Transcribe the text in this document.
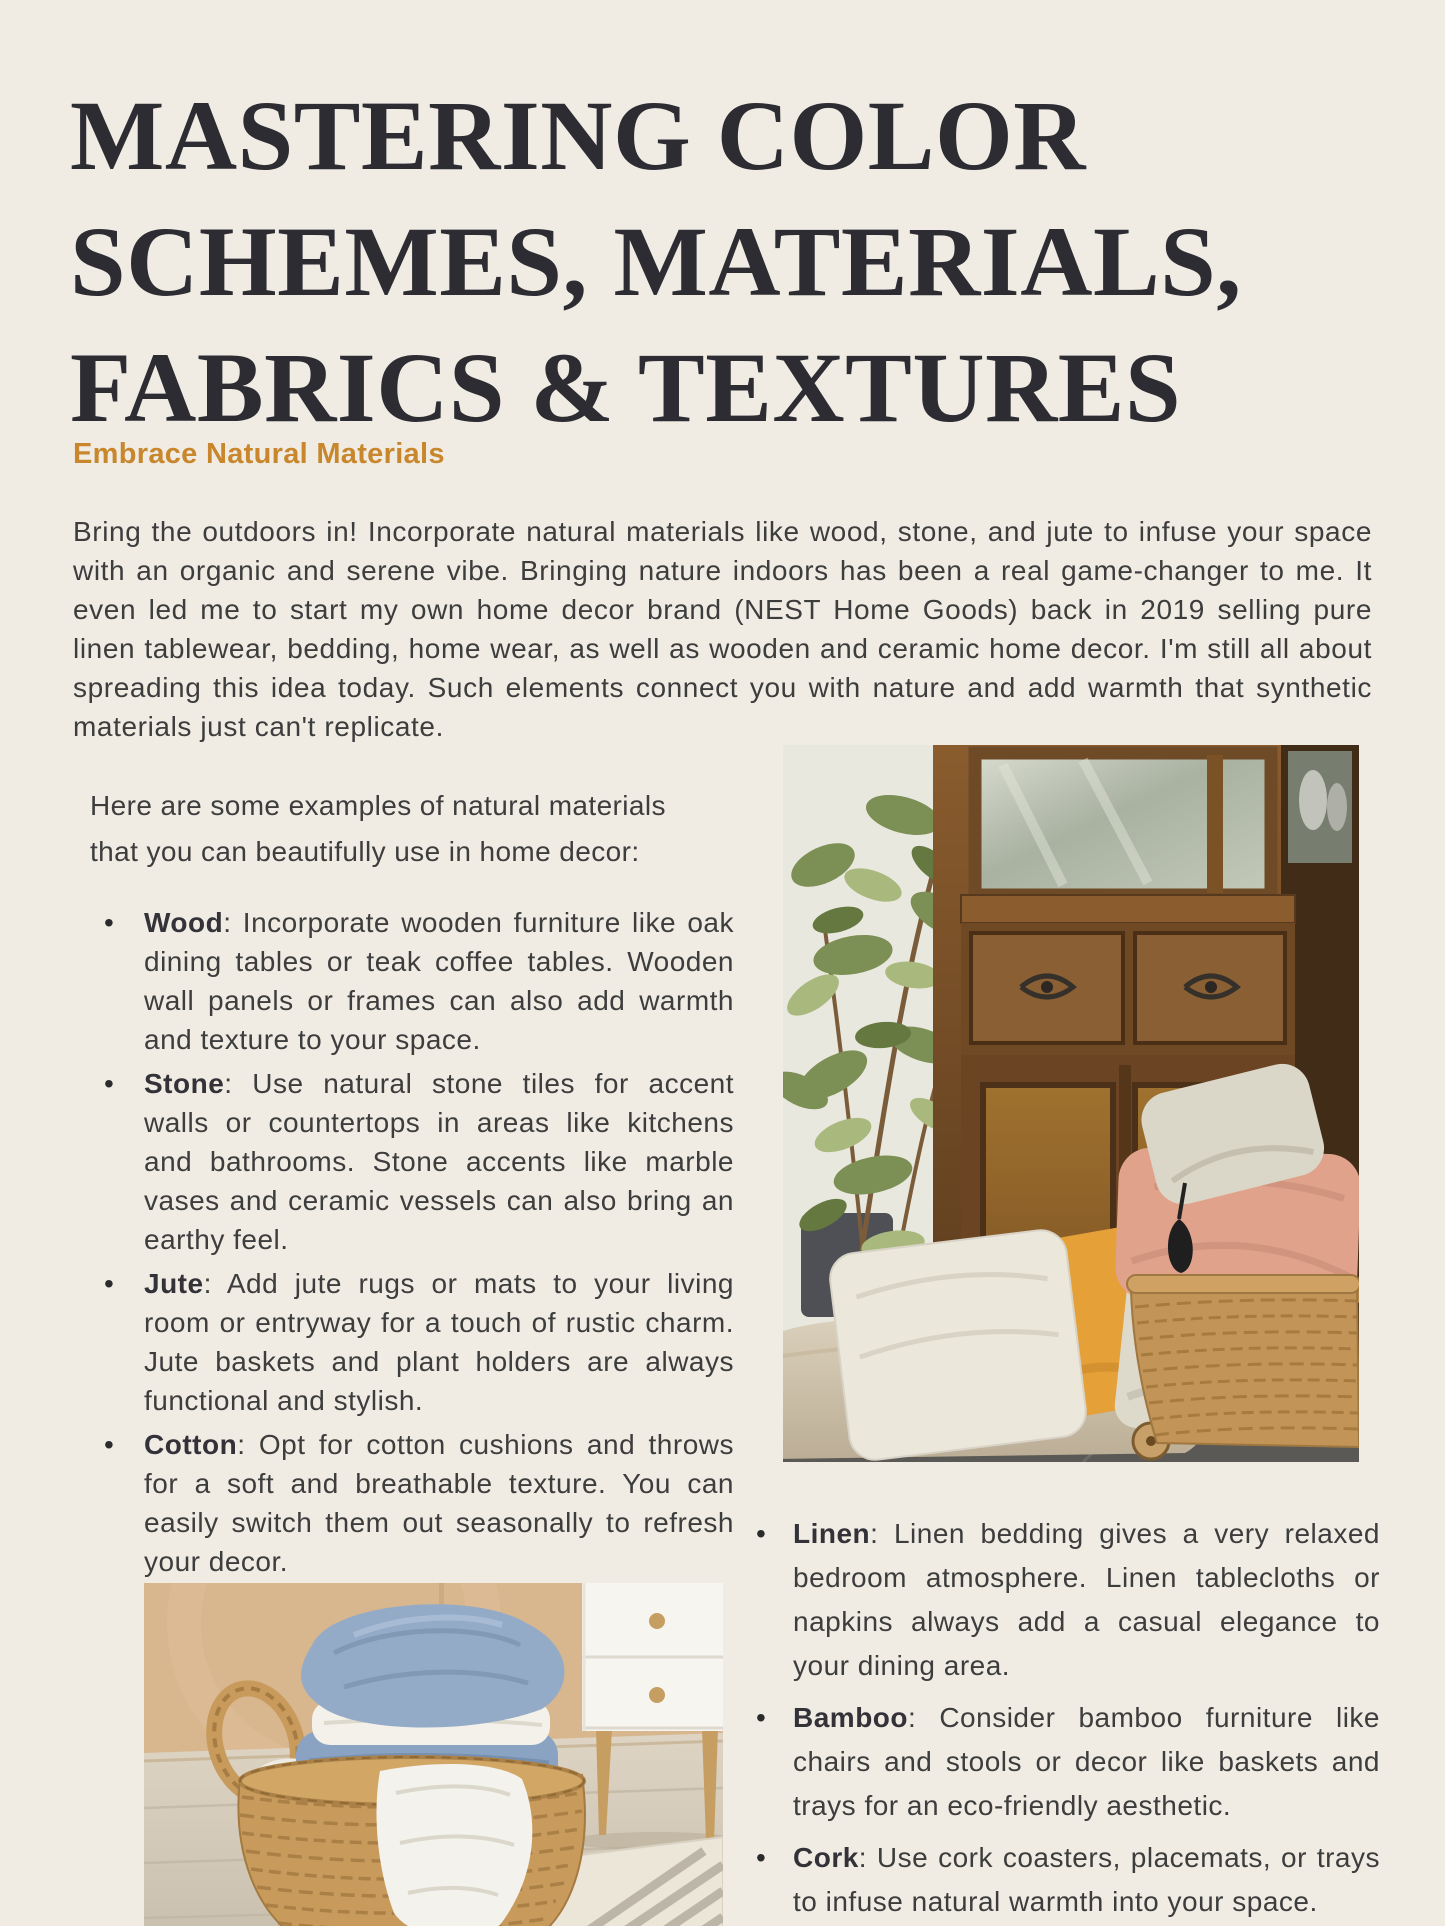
MASTERING COLOR
SCHEMES, MATERIALS,
FABRICS & TEXTURES
Embrace Natural Materials

Bring the outdoors in! Incorporate natural materials like wood, stone, and jute to infuse your space with an organic and serene vibe. Bringing nature indoors has been a real game-changer to me. It even led me to start my own home decor brand (NEST Home Goods) back in 2019 selling pure linen tablewear, bedding, home wear, as well as wooden and ceramic home decor. I'm still all about spreading this idea today. Such elements connect you with nature and add warmth that synthetic materials just can't replicate.

Here are some examples of natural materials that you can beautifully use in home decor:

• Wood: Incorporate wooden furniture like oak dining tables or teak coffee tables. Wooden wall panels or frames can also add warmth and texture to your space.
• Stone: Use natural stone tiles for accent walls or countertops in areas like kitchens and bathrooms. Stone accents like marble vases and ceramic vessels can also bring an earthy feel.
• Jute: Add jute rugs or mats to your living room or entryway for a touch of rustic charm. Jute baskets and plant holders are always functional and stylish.
• Cotton: Opt for cotton cushions and throws for a soft and breathable texture. You can easily switch them out seasonally to refresh your decor.
• Linen: Linen bedding gives a very relaxed bedroom atmosphere. Linen tablecloths or napkins always add a casual elegance to your dining area.
• Bamboo: Consider bamboo furniture like chairs and stools or decor like baskets and trays for an eco-friendly aesthetic.
• Cork: Use cork coasters, placemats, or trays to infuse natural warmth into your space.
